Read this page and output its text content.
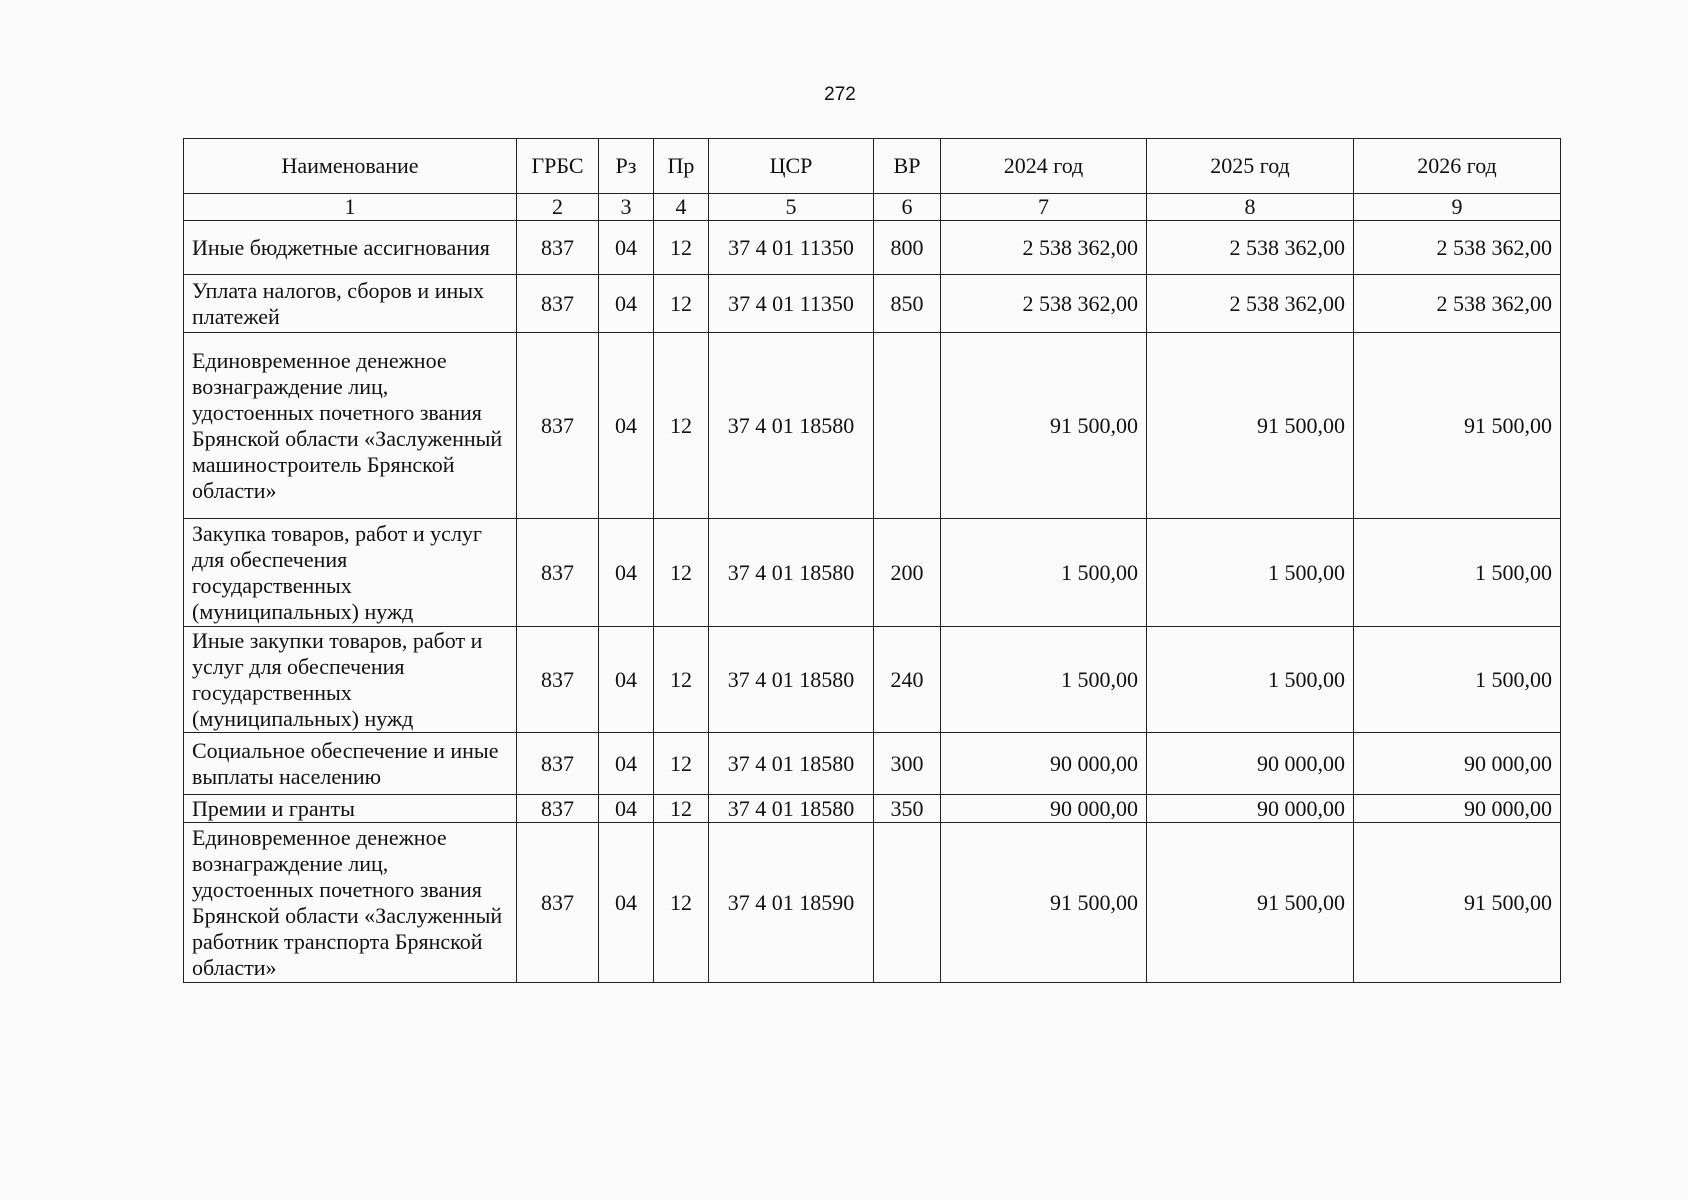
272
Наименование	ГРБС	Рз	Пр	ЦСР	ВР	2024 год	2025 год	2026 год
1	2	3	4	5	6	7	8	9
Иные бюджетные ассигнования	837	04	12	37 4 01 11350	800	2 538 362,00	2 538 362,00	2 538 362,00
Уплата налогов, сборов и иных платежей	837	04	12	37 4 01 11350	850	2 538 362,00	2 538 362,00	2 538 362,00
Единовременное денежное вознаграждение лиц, удостоенных почетного звания Брянской области «Заслуженный машиностроитель Брянской области»	837	04	12	37 4 01 18580		91 500,00	91 500,00	91 500,00
Закупка товаров, работ и услуг для обеспечения государственных (муниципальных) нужд	837	04	12	37 4 01 18580	200	1 500,00	1 500,00	1 500,00
Иные закупки товаров, работ и услуг для обеспечения государственных (муниципальных) нужд	837	04	12	37 4 01 18580	240	1 500,00	1 500,00	1 500,00
Социальное обеспечение и иные выплаты населению	837	04	12	37 4 01 18580	300	90 000,00	90 000,00	90 000,00
Премии и гранты	837	04	12	37 4 01 18580	350	90 000,00	90 000,00	90 000,00
Единовременное денежное вознаграждение лиц, удостоенных почетного звания Брянской области «Заслуженный работник транспорта Брянской области»	837	04	12	37 4 01 18590		91 500,00	91 500,00	91 500,00
